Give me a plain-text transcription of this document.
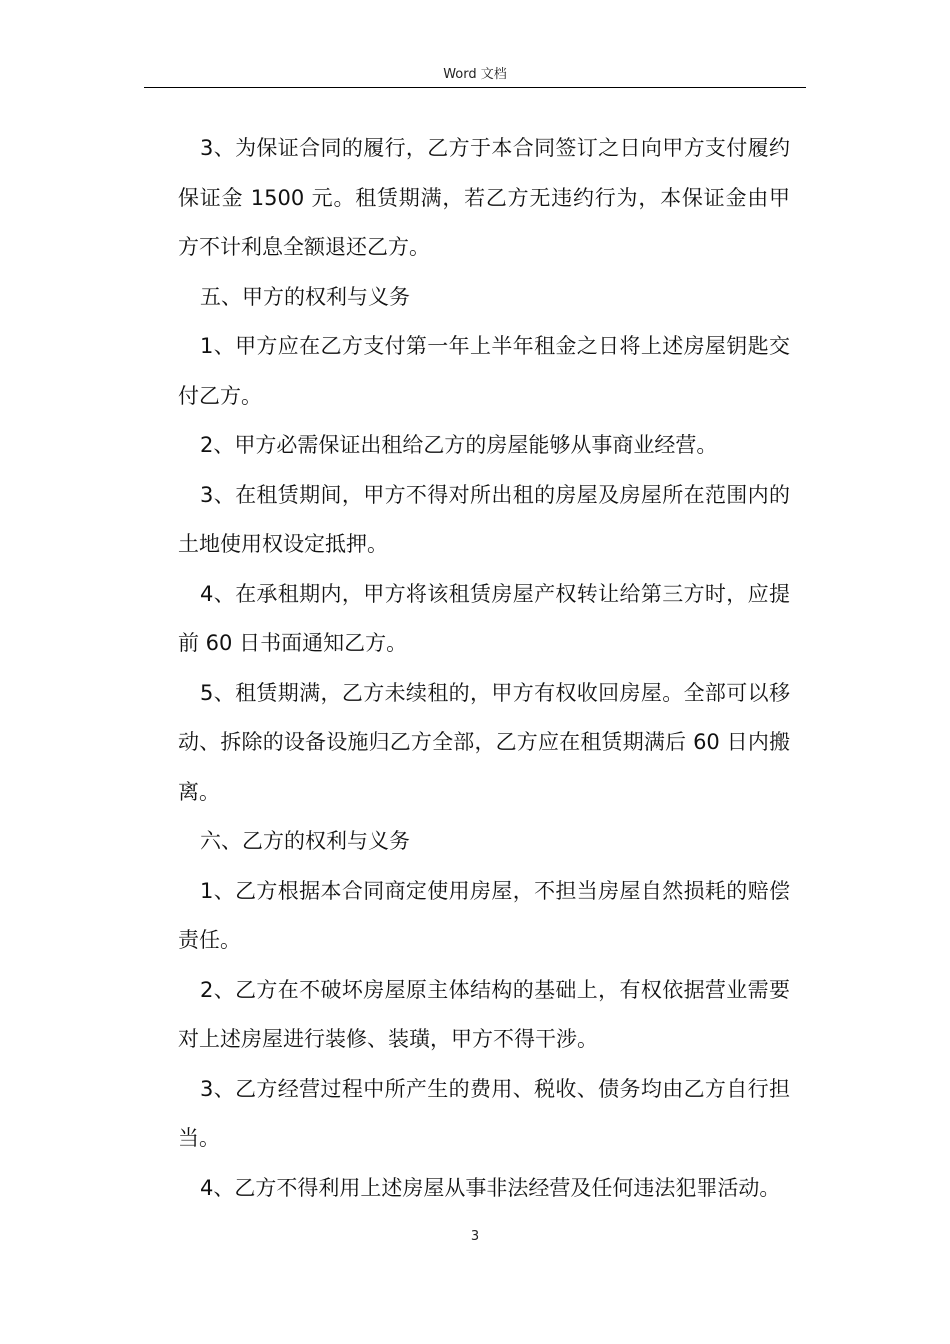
Word 文档

3、为保证合同的履行，乙方于本合同签订之日向甲方支付履约保证金 1500 元。租赁期满，若乙方无违约行为，本保证金由甲方不计利息全额退还乙方。

五、甲方的权利与义务

1、甲方应在乙方支付第一年上半年租金之日将上述房屋钥匙交付乙方。

2、甲方必需保证出租给乙方的房屋能够从事商业经营。

3、在租赁期间，甲方不得对所出租的房屋及房屋所在范围内的土地使用权设定抵押。

4、在承租期内，甲方将该租赁房屋产权转让给第三方时，应提前 60 日书面通知乙方。

5、租赁期满，乙方未续租的，甲方有权收回房屋。全部可以移动、拆除的设备设施归乙方全部，乙方应在租赁期满后 60 日内搬离。

六、乙方的权利与义务

1、乙方根据本合同商定使用房屋，不担当房屋自然损耗的赔偿责任。

2、乙方在不破坏房屋原主体结构的基础上，有权依据营业需要对上述房屋进行装修、装璜，甲方不得干涉。

3、乙方经营过程中所产生的费用、税收、债务均由乙方自行担当。

4、乙方不得利用上述房屋从事非法经营及任何违法犯罪活动。

3
